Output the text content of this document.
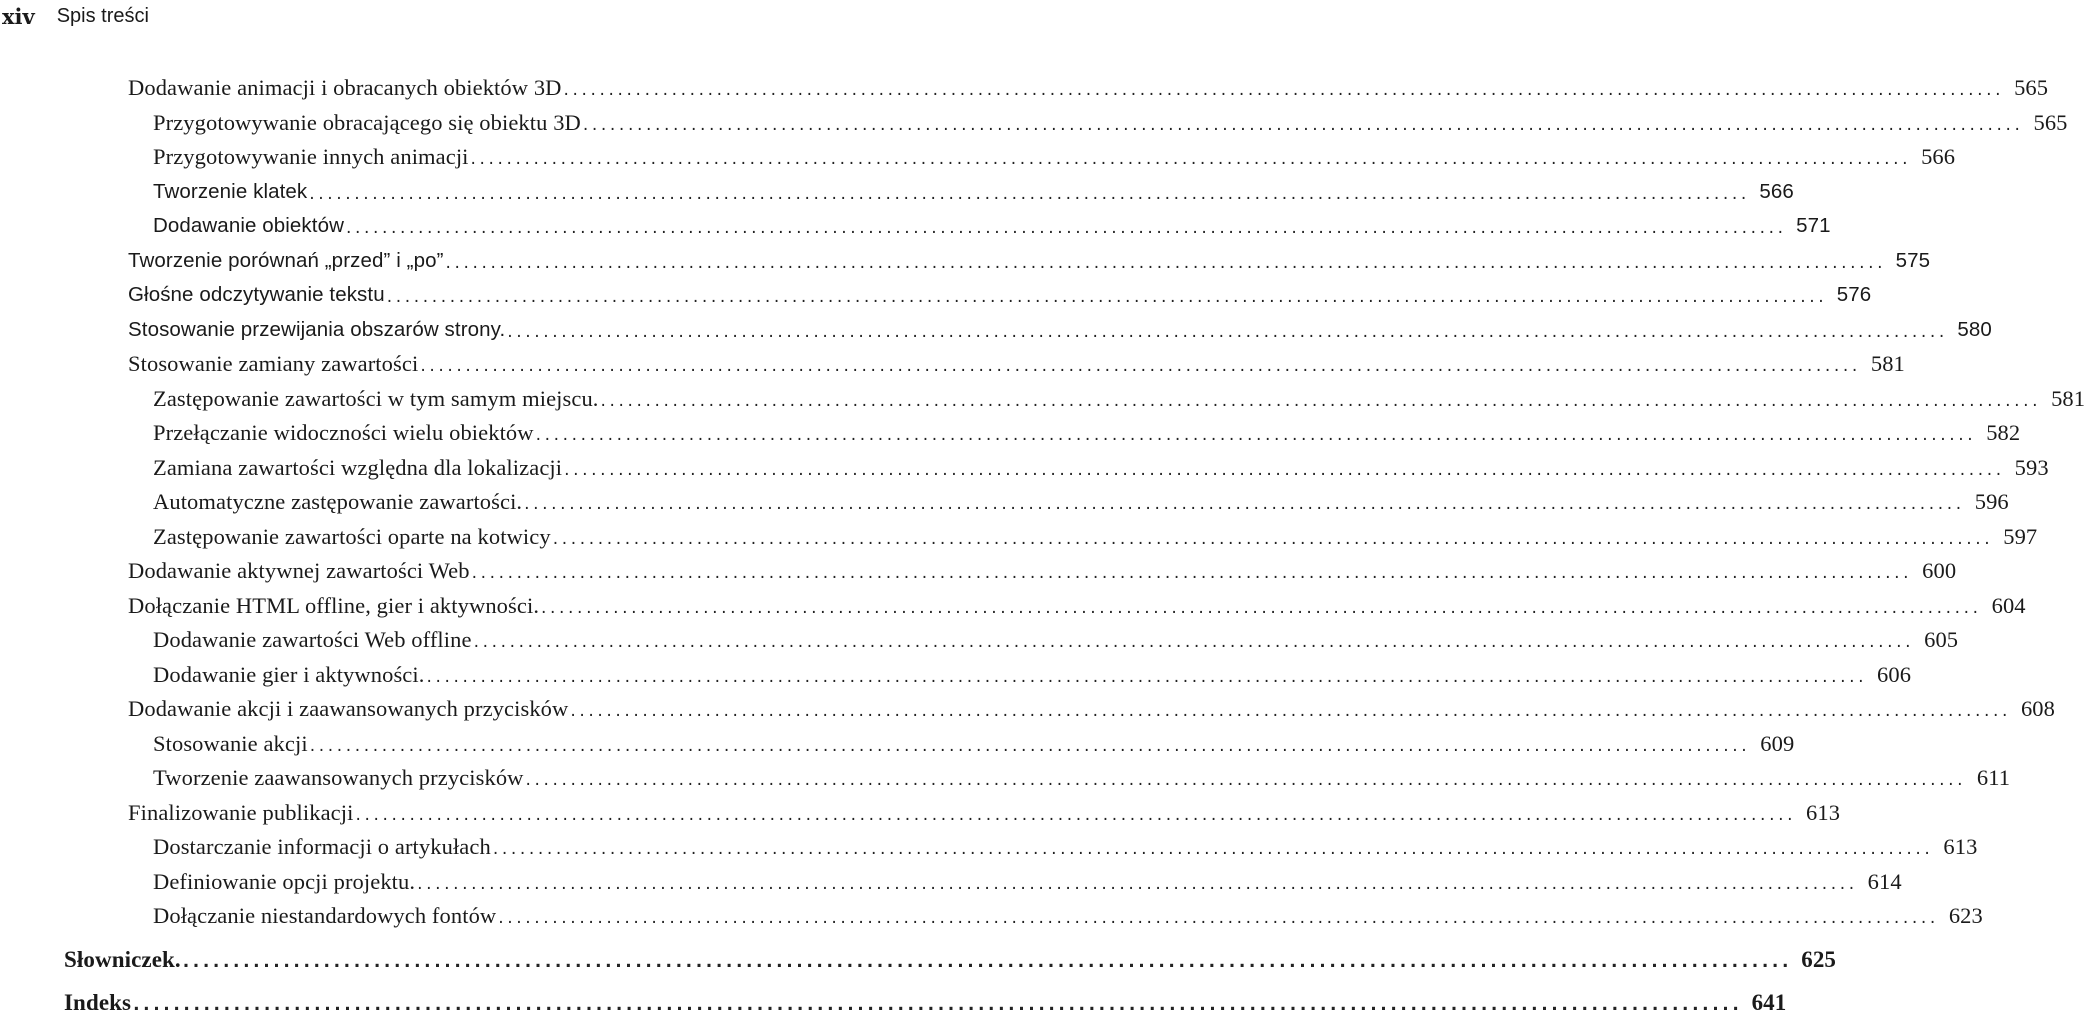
xiv Spis treści
Dodawanie animacji i obracanych obiektów 3D ................................................................................................................................................................ 565
Przygotowywanie obracającego się obiektu 3D ................................................................................................................................................................ 565
Przygotowywanie innych animacji ................................................................................................................................................................ 566
Tworzenie klatek ................................................................................................................................................................ 566
Dodawanie obiektów ................................................................................................................................................................ 571
Tworzenie porównań „przed” i „po” ................................................................................................................................................................ 575
Głośne odczytywanie tekstu ................................................................................................................................................................ 576
Stosowanie przewijania obszarów strony. ................................................................................................................................................................ 580
Stosowanie zamiany zawartości ................................................................................................................................................................ 581
Zastępowanie zawartości w tym samym miejscu. ................................................................................................................................................................ 581
Przełączanie widoczności wielu obiektów ................................................................................................................................................................ 582
Zamiana zawartości względna dla lokalizacji ................................................................................................................................................................ 593
Automatyczne zastępowanie zawartości. ................................................................................................................................................................ 596
Zastępowanie zawartości oparte na kotwicy ................................................................................................................................................................ 597
Dodawanie aktywnej zawartości Web ................................................................................................................................................................ 600
Dołączanie HTML offline, gier i aktywności. ................................................................................................................................................................ 604
Dodawanie zawartości Web offline ................................................................................................................................................................ 605
Dodawanie gier i aktywności. ................................................................................................................................................................ 606
Dodawanie akcji i zaawansowanych przycisków ................................................................................................................................................................ 608
Stosowanie akcji ................................................................................................................................................................ 609
Tworzenie zaawansowanych przycisków ................................................................................................................................................................ 611
Finalizowanie publikacji ................................................................................................................................................................ 613
Dostarczanie informacji o artykułach ................................................................................................................................................................ 613
Definiowanie opcji projektu. ................................................................................................................................................................ 614
Dołączanie niestandardowych fontów ................................................................................................................................................................ 623
Słowniczek. ................................................................................................................................................................ 625
Indeks ................................................................................................................................................................ 641
